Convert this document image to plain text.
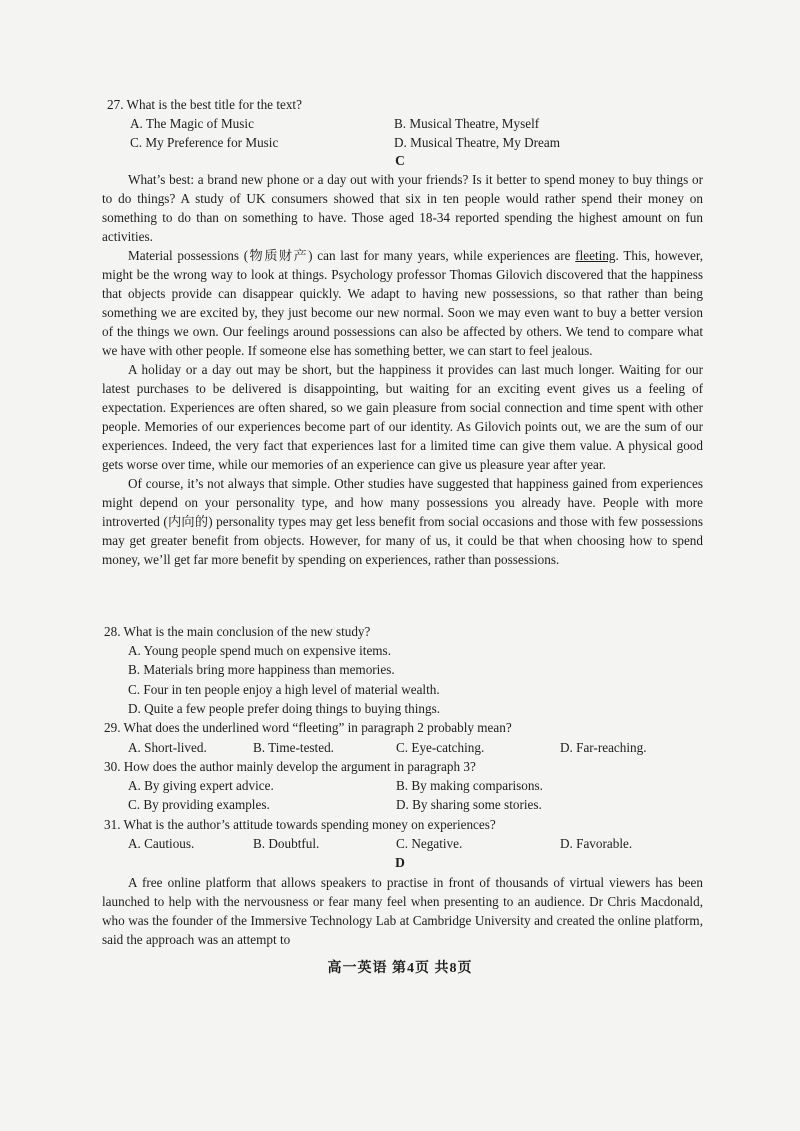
27. What is the best title for the text?
A. The Magic of Music	B. Musical Theatre, Myself
C. My Preference for Music	D. Musical Theatre, My Dream
C

What’s best: a brand new phone or a day out with your friends? Is it better to spend money to buy things or to do things? A study of UK consumers showed that six in ten people would rather spend their money on something to do than on something to have. Those aged 18-34 reported spending the highest amount on fun activities.

Material possessions (物质财产) can last for many years, while experiences are fleeting. This, however, might be the wrong way to look at things. Psychology professor Thomas Gilovich discovered that the happiness that objects provide can disappear quickly. We adapt to having new possessions, so that rather than being something we are excited by, they just become our new normal. Soon we may even want to buy a better version of the things we own. Our feelings around possessions can also be affected by others. We tend to compare what we have with other people. If someone else has something better, we can start to feel jealous.

A holiday or a day out may be short, but the happiness it provides can last much longer. Waiting for our latest purchases to be delivered is disappointing, but waiting for an exciting event gives us a feeling of expectation. Experiences are often shared, so we gain pleasure from social connection and time spent with other people. Memories of our experiences become part of our identity. As Gilovich points out, we are the sum of our experiences. Indeed, the very fact that experiences last for a limited time can give them value. A physical good gets worse over time, while our memories of an experience can give us pleasure year after year.

Of course, it’s not always that simple. Other studies have suggested that happiness gained from experiences might depend on your personality type, and how many possessions you already have. People with more introverted (内向的) personality types may get less benefit from social occasions and those with few possessions may get greater benefit from objects. However, for many of us, it could be that when choosing how to spend money, we’ll get far more benefit by spending on experiences, rather than possessions.

28. What is the main conclusion of the new study?
A. Young people spend much on expensive items.
B. Materials bring more happiness than memories.
C. Four in ten people enjoy a high level of material wealth.
D. Quite a few people prefer doing things to buying things.
29. What does the underlined word “fleeting” in paragraph 2 probably mean?
A. Short-lived.	B. Time-tested.	C. Eye-catching.	D. Far-reaching.
30. How does the author mainly develop the argument in paragraph 3?
A. By giving expert advice.	B. By making comparisons.
C. By providing examples.	D. By sharing some stories.
31. What is the author’s attitude towards spending money on experiences?
A. Cautious.	B. Doubtful.	C. Negative.	D. Favorable.
D

A free online platform that allows speakers to practise in front of thousands of virtual viewers has been launched to help with the nervousness or fear many feel when presenting to an audience. Dr Chris Macdonald, who was the founder of the Immersive Technology Lab at Cambridge University and created the online platform, said the approach was an attempt to

高一英语 第4页 共8页
